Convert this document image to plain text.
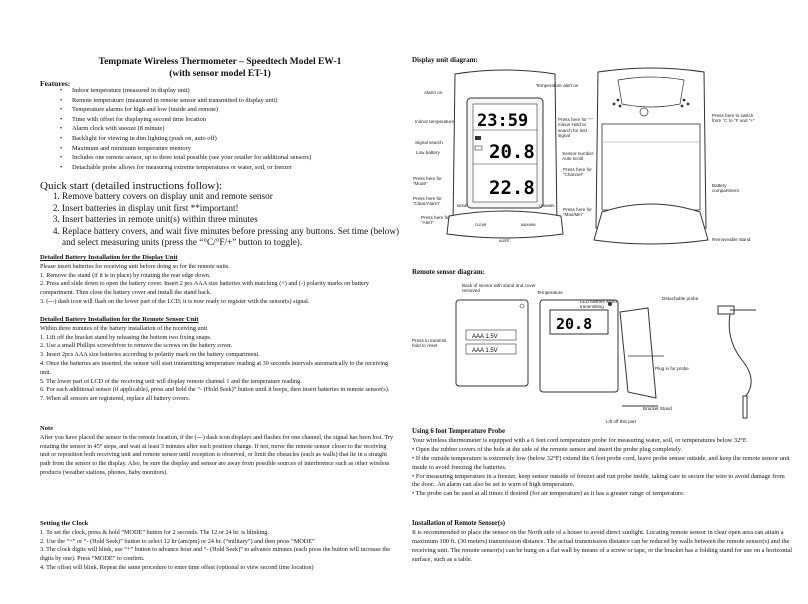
Tempmate Wireless Thermometer – Speedtech Model EW-1
(with sensor model ET-1)
Features:
• Indoor temperature (measured in display unit)
• Remote temperature (measured in remote sensor and transmitted to display unit)
• Temperature alarms for high and low (inside and remote)
• Time with offset for displaying second time location
• Alarm clock with snooze (8 minute)
• Backlight for viewing in dim lighting (push on, auto off)
• Maximum and minimum temperature memory
• Includes one remote sensor, up to three total possible (see your retailer for additional sensors)
• Detachable probe allows for measuring extreme temperatures or water, soil, or freezer
Quick start (detailed instructions follow):
1. Remove battery covers on display unit and remote sensor
2. Insert batteries in display unit first **important!
3. Insert batteries in remote unit(s) within three minutes
4. Replace battery covers, and wait five minutes before pressing any buttons. Set time (below) and select measuring units (press the “°C/°F/+” button to toggle).

Detailed Battery Installation for the Display Unit

Please insert batteries for receiving unit before doing so for the remote units.

1. Remove the stand (if it is in place) by rotating the rear edge down.

2. Press and slide down to open the battery cover. Insert 2 pcs AAA size batteries with matching (+) and (-) polarity marks on battery compartment. Then close the battery cover and install the stand back.

3. (---) dash icon will flash on the lower part of the LCD; it is now ready to register with the sensor(s) signal.

Detailed Battery Installation for the Remote Sensor Unit

Within three minutes of the battery installation of the receiving unit

1. Lift off the bracket stand by releasing the bottom two fixing snaps.

2. Use a small Phillips screwdriver to remove the screws on the battery cover.

3. Insert 2pcs AAA size batteries according to polarity mark on the battery compartment.

4. Once the batteries are inserted, the sensor will start transmitting temperature reading at 30 seconds intervals automatically to the receiving unit.

5. The lower part of LCD of the receiving unit will display remote channel 1 and the temperature reading.

6. For each additional sensor (if applicable), press and hold the “- (Hold Seek)” button until it beeps, then insert batteries in remote sensor(s).

7. When all sensors are registered, replace all battery covers.

Note

After you have placed the sensor in the remote location, if the (---) dash icon displays and flashes for one channel, the signal has been lost. Try rotating the sensor in 45° steps, and wait at least 3 minutes after each position change. If not, move the remote sensor closer to the receiving unit or reposition both receiving unit and remote sensor until reception is observed, or limit the obstacles (such as walls) that lie in a straight path from the sensor to the display. Also, be sure the display and sensor are away from possible sources of interference such as other wireless products (weather stations, phones, baby monitors).

Setting the Clock

1. To set the clock, press & hold “MODE” button for 2 seconds. The 12 or 24 hr. is blinking.

2. Use the “+” or “- (Hold Seek)” button to select 12 hr (am/pm) or 24 hr. (“military”) and then press “MODE”

3. The clock digits will blink, use “+” button to advance hour and “- (Hold Seek)” to advance minutes (each press the button will increase the digits by one). Press “MODE” to confirm.

4. The offset will blink. Repeat the same procedure to enter time offset (optional to view second time location)

Display unit diagram:
23:59
20.8
22.8
MODE	CHANNEL
CLEAR	MAX/MIN
ALERT
Alarm on
Temperature alert on
Indoor temperature	Press here for “-” minus Hold to search for lost signal
Signal search
Low battery	Sensor number Auto scroll
Press here for “Channel”
Press here for “Mode”
Press here for “Clear/Alarm”
Press here for “Max/Min”
Press here for “Alert”
Press here to switch from °C to °F and “+”
Battery compartment
Removeable stand
Remote sensor diagram:
AAA 1.5V
AAA 1.5V
20.8
Back of sensor with stand and cover removed	Temperature
LED flashes when transmitting
Detachable probe
Press to transmit hold to reset
Plug in for probe
Bracket Stand
Lift off this part

Using 6 foot Temperature Probe

Your wireless thermometer is equipped with a 6 feet cord temperature probe for measuring water, soil, or temperatures below 32°F.

• Open the rubber covers of the hole at the side of the remote sensor and insert the probe plug completely.

• If the outside temperature is extremely low (below 32°F) extend the 6 feet probe cord, leave probe sensor outside, and keep the remote sensor unit inside to avoid freezing the batteries.

• For measuring temperature in a freezer, keep sensor outside of freezer and run probe inside, taking care to secure the wire to avoid damage from the door.. An alarm can also be set to warn of high temperature.

• The probe can be used at all times if desired (for air temperature) as it has a greater range of temperature.

Installation of Remote Sensor(s)

It is recommended to place the sensor on the North side of a house to avoid direct sunlight. Locating remote sensor in clear open area can attain a maximum 100 ft. (30 meters) transmission distance. The actual transmission distance can be reduced by walls between the remote sensor(s) and the receiving unit. The remote sensor(s) can be hung on a flat wall by means of a screw or tape, or the bracket has a folding stand for use on a horizontal surface, such as a table.
